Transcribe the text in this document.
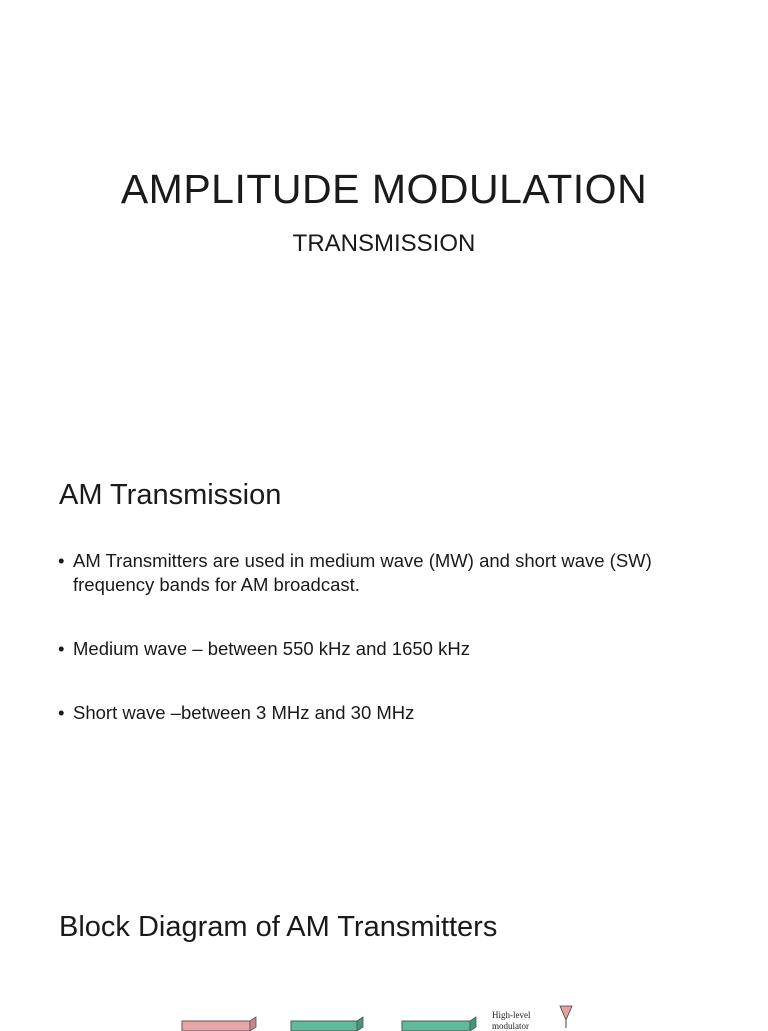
AMPLITUDE MODULATION
TRANSMISSION
AM Transmission
• AM Transmitters are used in medium wave (MW) and short wave (SW) frequency bands for AM broadcast.
• Medium wave – between 550 kHz and 1650 kHz
• Short wave –between 3 MHz and 30 MHz
Block Diagram of AM Transmitters
High-level
modulator
